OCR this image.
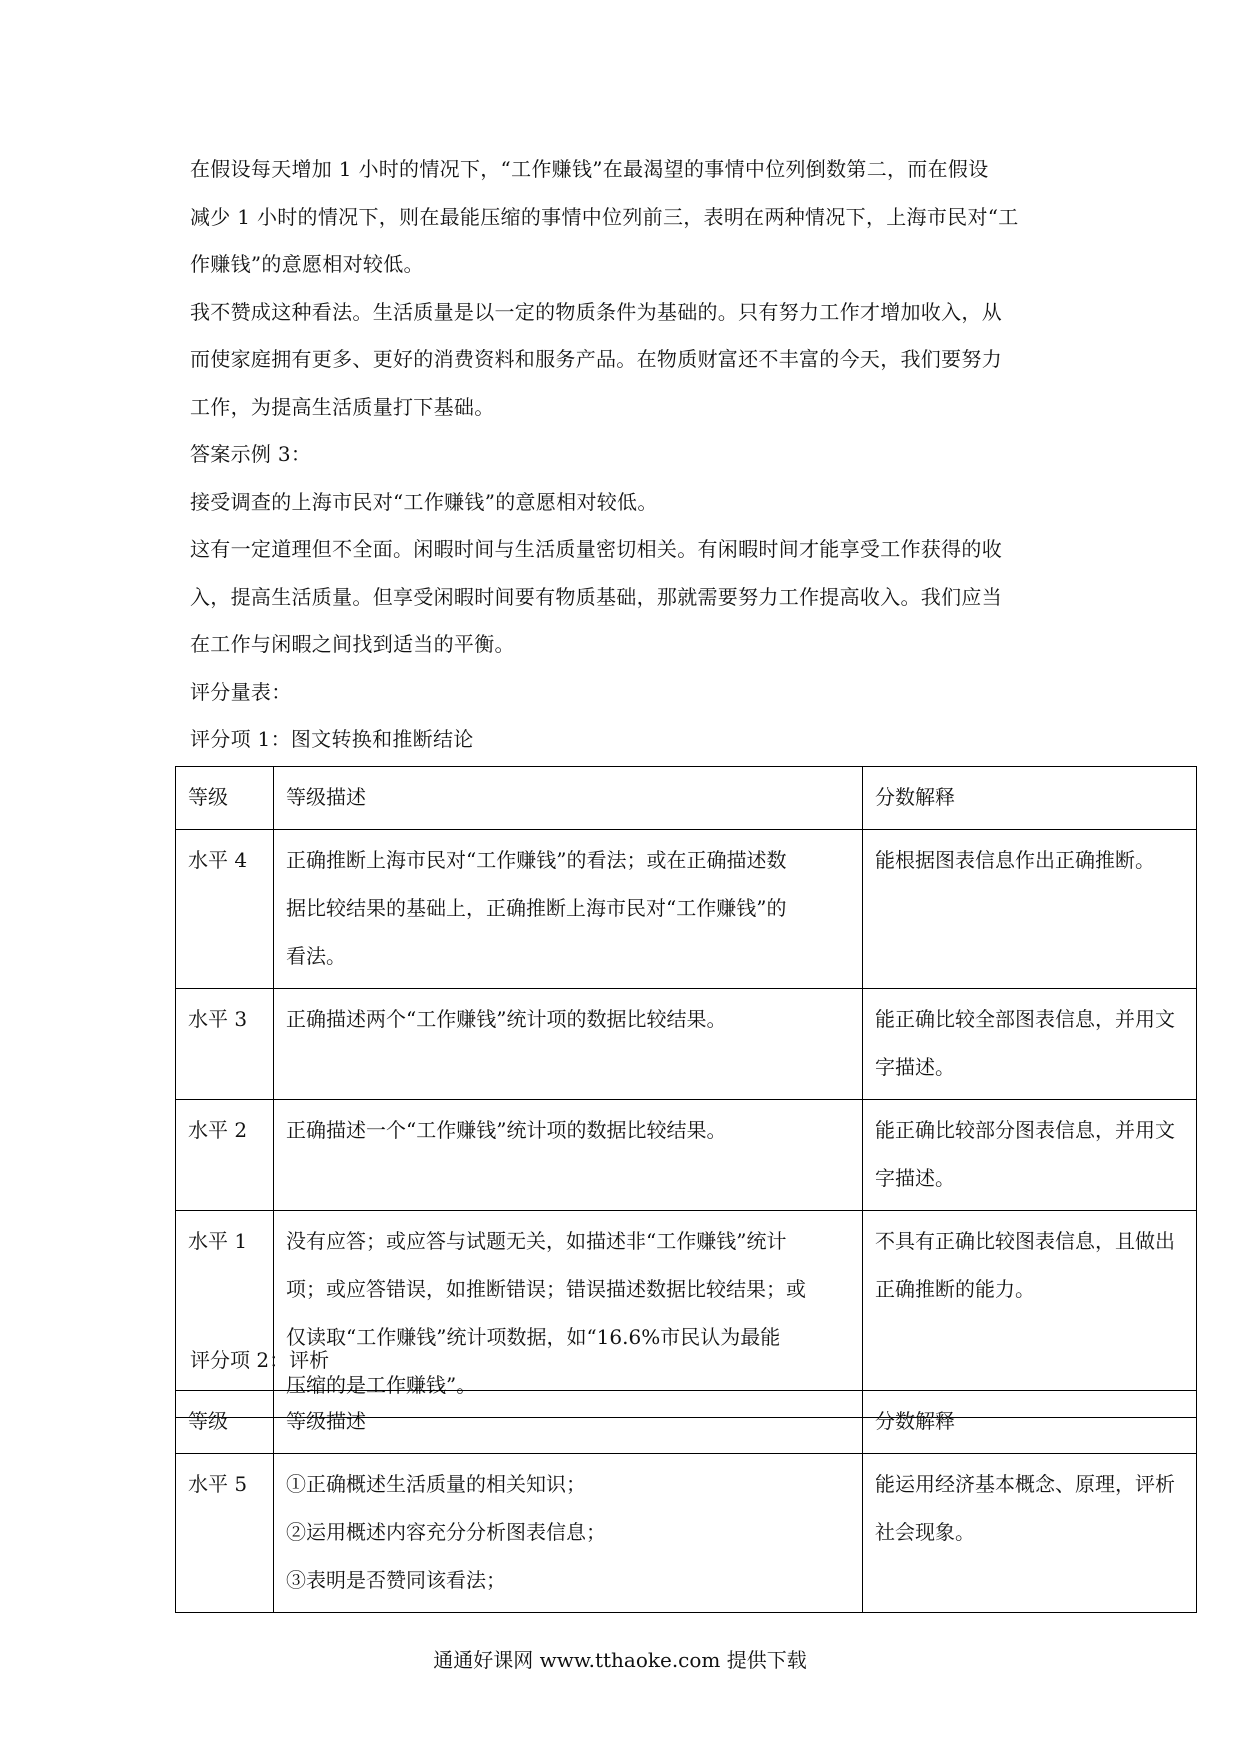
在假设每天增加 1 小时的情况下，“工作赚钱”在最渴望的事情中位列倒数第二，而在假设

减少 1 小时的情况下，则在最能压缩的事情中位列前三，表明在两种情况下，上海市民对“工

作赚钱”的意愿相对较低。

我不赞成这种看法。生活质量是以一定的物质条件为基础的。只有努力工作才增加收入，从

而使家庭拥有更多、更好的消费资料和服务产品。在物质财富还不丰富的今天，我们要努力

工作，为提高生活质量打下基础。

答案示例 3：

接受调查的上海市民对“工作赚钱”的意愿相对较低。

这有一定道理但不全面。闲暇时间与生活质量密切相关。有闲暇时间才能享受工作获得的收

入，提高生活质量。但享受闲暇时间要有物质基础，那就需要努力工作提高收入。我们应当

在工作与闲暇之间找到适当的平衡。

评分量表：

评分项 1：图文转换和推断结论

等级	等级描述	分数解释
水平 4	正确推断上海市民对“工作赚钱”的看法；或在正确描述数
据比较结果的基础上，正确推断上海市民对“工作赚钱”的
看法。	能根据图表信息作出正确推断。

水平 3	正确描述两个“工作赚钱”统计项的数据比较结果。	能正确比较全部图表信息，并用文
字描述。

水平 2	正确描述一个“工作赚钱”统计项的数据比较结果。	能正确比较部分图表信息，并用文
字描述。

水平 1	没有应答；或应答与试题无关，如描述非“工作赚钱”统计
项；或应答错误，如推断错误；错误描述数据比较结果；或
仅读取“工作赚钱”统计项数据，如“16.6%市民认为最能
压缩的是工作赚钱”。	不具有正确比较图表信息，且做出
正确推断的能力。

评分项 2：评析

等级	等级描述	分数解释
水平 5	①正确概述生活质量的相关知识；
②运用概述内容充分分析图表信息；
③表明是否赞同该看法；	能运用经济基本概念、原理，评析
社会现象。
通通好课网 www.tthaoke.com 提供下载
